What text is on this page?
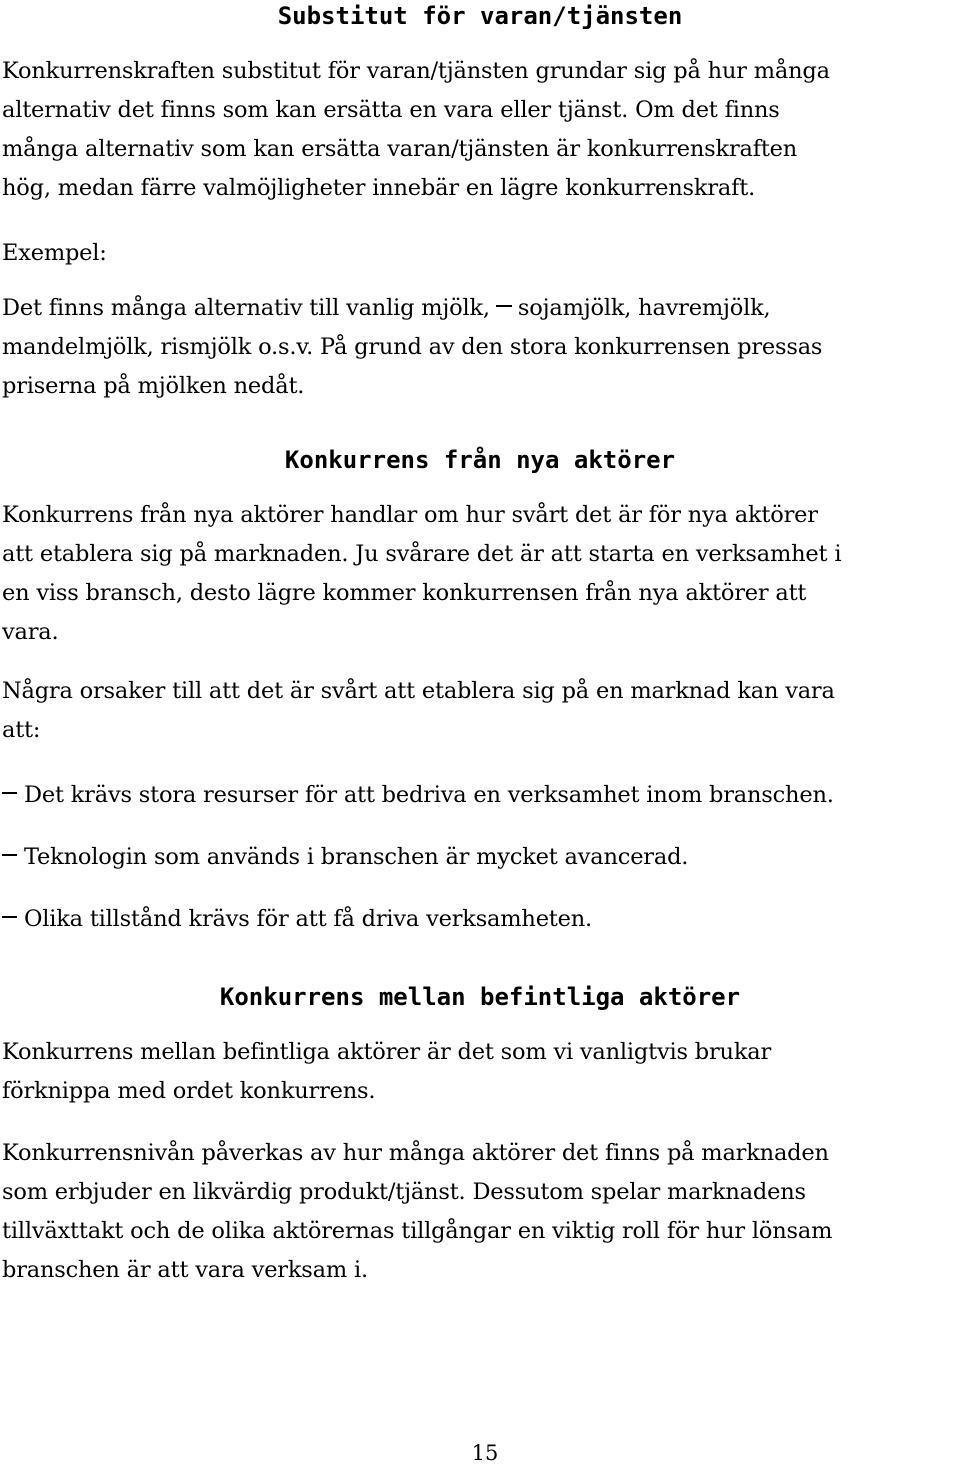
Substitut för varan/tjänsten

Konkurrenskraften substitut för varan/tjänsten grundar sig på hur många
alternativ det finns som kan ersätta en vara eller tjänst. Om det finns
många alternativ som kan ersätta varan/tjänsten är konkurrenskraften
hög, medan färre valmöjligheter innebär en lägre konkurrenskraft.

Exempel:

Det finns många alternativ till vanlig mjölk, sojamjölk, havremjölk,
mandelmjölk, rismjölk o.s.v. På grund av den stora konkurrensen pressas
priserna på mjölken nedåt.

Konkurrens från nya aktörer

Konkurrens från nya aktörer handlar om hur svårt det är för nya aktörer
att etablera sig på marknaden. Ju svårare det är att starta en verksamhet i
en viss bransch, desto lägre kommer konkurrensen från nya aktörer att
vara.

Några orsaker till att det är svårt att etablera sig på en marknad kan vara
att:

Det krävs stora resurser för att bedriva en verksamhet inom branschen.
Teknologin som används i branschen är mycket avancerad.
Olika tillstånd krävs för att få driva verksamheten.
Konkurrens mellan befintliga aktörer

Konkurrens mellan befintliga aktörer är det som vi vanligtvis brukar
förknippa med ordet konkurrens.

Konkurrensnivån påverkas av hur många aktörer det finns på marknaden
som erbjuder en likvärdig produkt/tjänst. Dessutom spelar marknadens
tillväxttakt och de olika aktörernas tillgångar en viktig roll för hur lönsam
branschen är att vara verksam i.

15
